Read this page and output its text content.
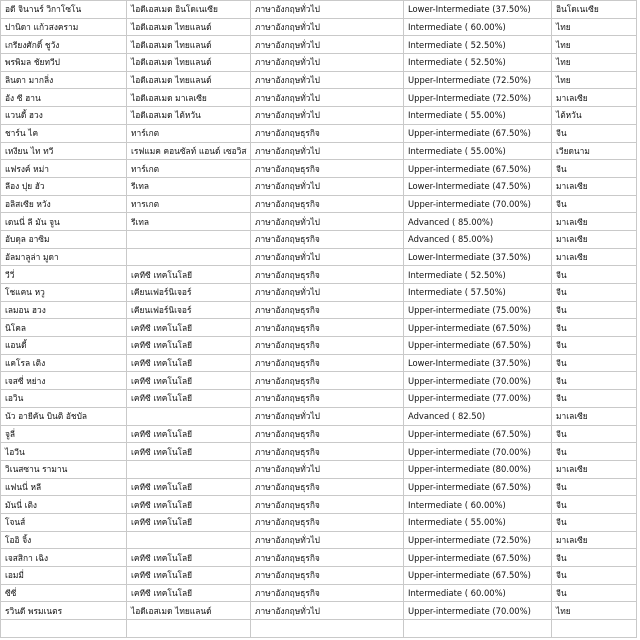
อดี จินานร์ วิกาโซโน	ไอดีเอสเมด อินโดเนเซีย	ภาษาอังกฤษทั่วไป	Lower-Intermediate (37.50%)	อินโดเนเซีย
ปานิดา แก้วสงคราม	ไอดีเอสเมด ไทยแลนด์	ภาษาอังกฤษทั่วไป	Intermediate ( 60.00%)	ไทย
เกรียงศักดิ์ ชูวัง	ไอดีเอสเมด ไทยแลนด์	ภาษาอังกฤษทั่วไป	Intermediate ( 52.50%)	ไทย
พรพิมล ชัยทวีป	ไอดีเอสเมด ไทยแลนด์	ภาษาอังกฤษทั่วไป	Intermediate ( 52.50%)	ไทย
ลินดา มากลิ่ง	ไอดีเอสเมด ไทยแลนด์	ภาษาอังกฤษทั่วไป	Upper-Intermediate (72.50%)	ไทย
อัง ซี ฮาน	ไอดีเอสเมด มาเลเซีย	ภาษาอังกฤษทั่วไป	Upper-Intermediate (72.50%)	มาเลเซีย
แวนดี้ ฮวง	ไอดีเอสเมด ไต้หวัน	ภาษาอังกฤษทั่วไป	Intermediate ( 55.00%)	ไต้หวัน
ชาร์น ไค	ทาร์เกต	ภาษาอังกฤษธุรกิจ	Upper-intermediate (67.50%)	จีน
เหงียน ไท ทวี	เรฟแมค คอนซัลท์ แอนด์ เซอวิส	ภาษาอังกฤษทั่วไป	Intermediate ( 55.00%)	เวียดนาม
แฟรงค์ หม่า	ทาร์เกต	ภาษาอังกฤษธุรกิจ	Upper-intermediate (67.50%)	จีน
ลีอง ปุย ฮัว	รีเทล	ภาษาอังกฤษทั่วไป	Lower-Intermediate (47.50%)	มาเลเซีย
อลิสเซีย หวัง	ทารเกต	ภาษาอังกฤษธุรกิจ	Upper-intermediate (70.00%)	จีน
เดนนี่ ลี มัน จูน	รีเทล	ภาษาอังกฤษทั่วไป	Advanced ( 85.00%)	มาเลเซีย
อับดุล อาซิม		ภาษาอังกฤษธุรกิจ	Advanced ( 85.00%)	มาเลเซีย
อัลมาลูล่า มูดา		ภาษาอังกฤษทั่วไป	Lower-Intermediate (37.50%)	มาเลเซีย
วีวี่	เคทีซี เทคโนโลยี	ภาษาอังกฤษธุรกิจ	Intermediate ( 52.50%)	จีน
โชแคน หวู	เคียนเฟอร์นิเจอร์	ภาษาอังกฤษทั่วไป	Intermediate ( 57.50%)	จีน
เลมอน ฮวง	เคียนเฟอร์นิเจอร์	ภาษาอังกฤษธุรกิจ	Upper-intermediate (75.00%)	จีน
นิโคล	เคทีซี เทคโนโลยี	ภาษาอังกฤษธุรกิจ	Upper-intermediate (67.50%)	จีน
แอนดี้	เคทีซี เทคโนโลยี	ภาษาอังกฤษธุรกิจ	Upper-intermediate (67.50%)	จีน
แคโรล เติง	เคทีซี เทคโนโลยี	ภาษาอังกฤษธุรกิจ	Lower-Intermediate (37.50%)	จีน
เจสซี่ หย่าง	เคทีซี เทคโนโลยี	ภาษาอังกฤษธุรกิจ	Upper-intermediate (70.00%)	จีน
เอวิน	เคทีซี เทคโนโลยี	ภาษาอังกฤษธุรกิจ	Upper-intermediate (77.00%)	จีน
นัว อายีคัน บินติ อัชบัล		ภาษาอังกฤษทั่วไป	Advanced ( 82.50)	มาเลเซีย
จูลี่	เคทีซี เทคโนโลยี	ภาษาอังกฤษธุรกิจ	Upper-intermediate (67.50%)	จีน
ไอวีน	เคทีซี เทคโนโลยี	ภาษาอังกฤษธุรกิจ	Upper-intermediate (70.00%)	จีน
วิเนสซาน รามาน		ภาษาอังกฤษทั่วไป	Upper-intermediate (80.00%)	มาเลเซีย
แฟนนี่ หลี	เคทีซี เทคโนโลยี	ภาษาอังกฤษธุรกิจ	Upper-intermediate (67.50%)	จีน
มันนี่ เติง	เคทีซี เทคโนโลยี	ภาษาอังกฤษธุรกิจ	Intermediate ( 60.00%)	จีน
โจนส์	เคทีซี เทคโนโลยี	ภาษาอังกฤษธุรกิจ	Intermediate ( 55.00%)	จีน
โออิ จิ้ง		ภาษาอังกฤษทั่วไป	Upper-intermediate (72.50%)	มาเลเซีย
เจสสิกา เฉิง	เคทีซี เทคโนโลยี	ภาษาอังกฤษธุรกิจ	Upper-intermediate (67.50%)	จีน
เอมมี่	เคทีซี เทคโนโลยี	ภาษาอังกฤษธุรกิจ	Upper-intermediate (67.50%)	จีน
ซีซี่	เคทีซี เทคโนโลยี	ภาษาอังกฤษธุรกิจ	Intermediate ( 60.00%)	จีน
รวินดี พรมเนตร	ไอดีเอสเมด ไทยแลนด์	ภาษาอังกฤษทั่วไป	Upper-intermediate (70.00%)	ไทย
